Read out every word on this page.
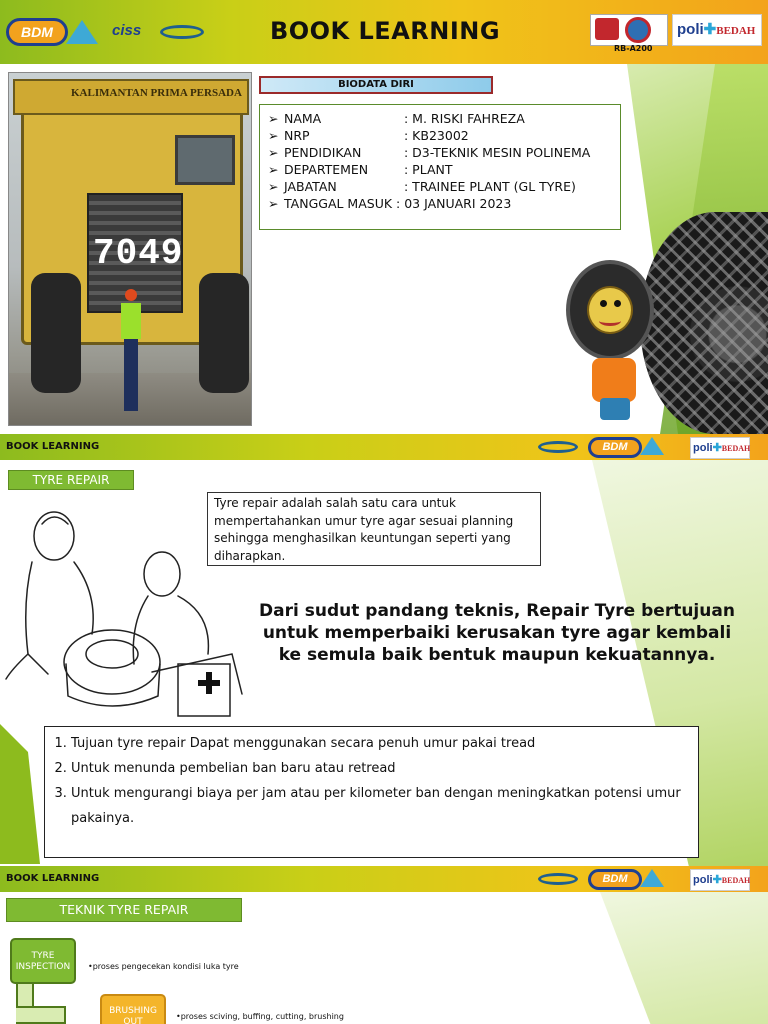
BDM	ciss	BOOK LEARNING
RB-A200
poli✚BEDAH
KALIMANTAN PRIMA PERSADA
7049
BIODATA DIRI
➢ NAMA	: M. RISKI FAHREZA
➢ NRP	: KB23002
➢ PENDIDIKAN	: D3-TEKNIK MESIN POLINEMA
➢ DEPARTEMEN	: PLANT
➢ JABATAN	: TRAINEE PLANT (GL TYRE)
➢ TANGGAL MASUK : 03 JANUARI 2023
BOOK LEARNING	BDM	poli✚BEDAH
TYRE REPAIR
Tyre repair adalah salah satu cara untuk mempertahankan umur tyre agar sesuai planning sehingga menghasilkan keuntungan seperti yang diharapkan.
Dari sudut pandang teknis, Repair Tyre bertujuan untuk memperbaiki kerusakan tyre agar kembali ke semula baik bentuk maupun kekuatannya.
1. Tujuan tyre repair Dapat menggunakan secara penuh umur pakai tread
2. Untuk menunda pembelian ban baru atau retread
3. Untuk mengurangi biaya per jam atau per kilometer ban dengan meningkatkan potensi umur pakainya.
BOOK LEARNING	BDM	poli✚BEDAH
TEKNIK TYRE REPAIR
TYRE INSPECTION	•proses pengecekan kondisi luka tyre
BRUSHING OUT
•proses sciving, buffing, cutting, brushing
